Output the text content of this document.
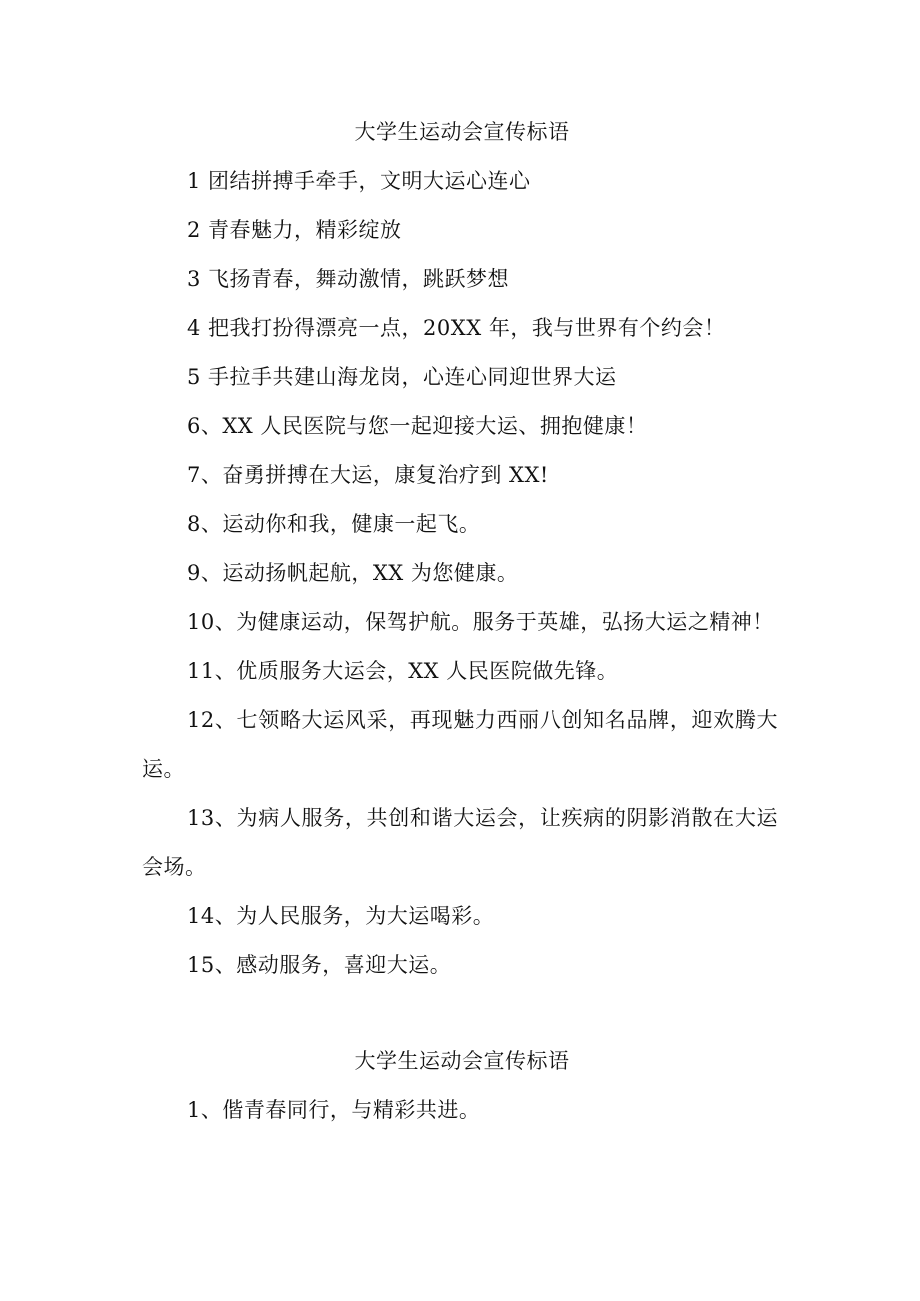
大学生运动会宣传标语
1 团结拼搏手牵手，文明大运心连心
2 青春魅力，精彩绽放
3 飞扬青春，舞动激情，跳跃梦想
4 把我打扮得漂亮一点，20XX 年，我与世界有个约会！
5 手拉手共建山海龙岗，心连心同迎世界大运
6、XX 人民医院与您一起迎接大运、拥抱健康！
7、奋勇拼搏在大运，康复治疗到 XX!
8、运动你和我，健康一起飞。
9、运动扬帆起航，XX 为您健康。
10、为健康运动，保驾护航。服务于英雄，弘扬大运之精神！
11、优质服务大运会，XX 人民医院做先锋。
12、七领略大运风采，再现魅力西丽八创知名品牌，迎欢腾大运。
13、为病人服务，共创和谐大运会，让疾病的阴影消散在大运会场。
14、为人民服务，为大运喝彩。
15、感动服务，喜迎大运。
大学生运动会宣传标语
1、偕青春同行，与精彩共进。
